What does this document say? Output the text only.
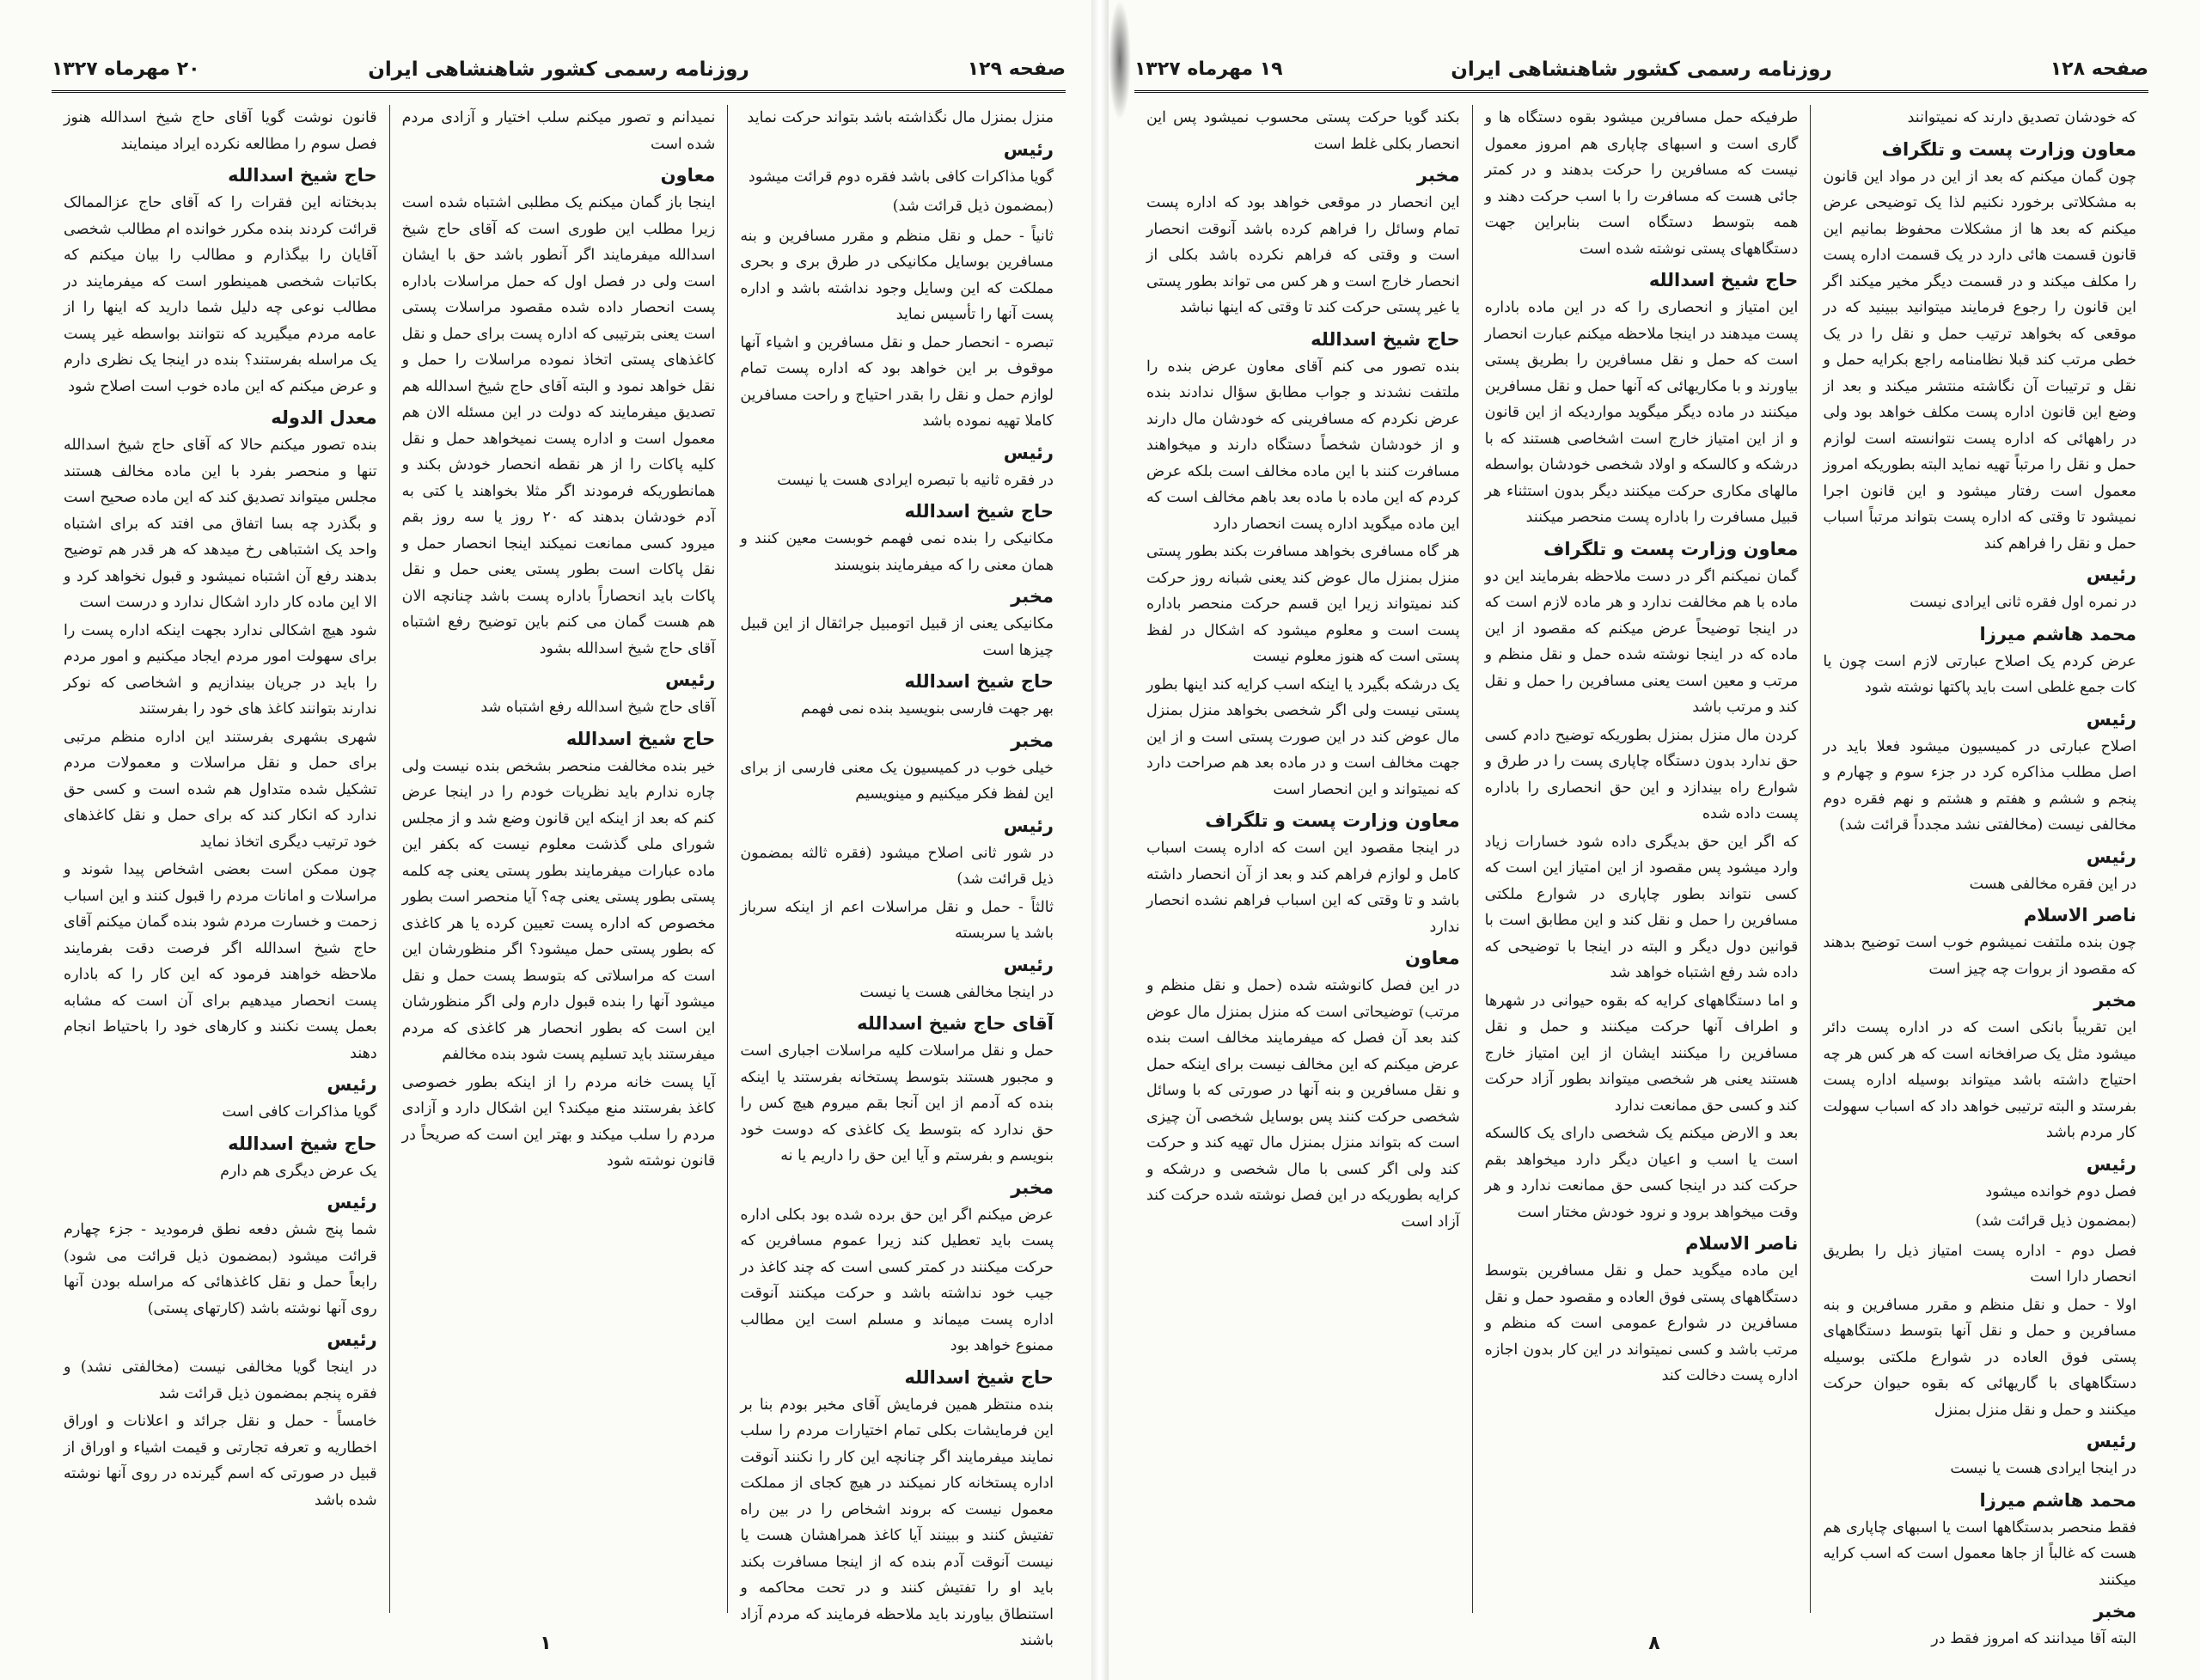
صفحه ۱۲۹
روزنامه رسمی کشور شاهنشاهی ایران
۲۰ مهرماه ۱۳۲۷

منزل بمنزل مال نگذاشته باشد بتواند حرکت نماید

رئیس

گویا مذاکرات کافی باشد فقره دوم قرائت میشود

(بمضمون ذیل قرائت شد)

ثانیاً - حمل و نقل منظم و مقرر مسافرین و بنه مسافرین بوسایل مکانیکی در طرق بری و بحری مملکت که این وسایل وجود نداشته باشد و اداره پست آنها را تأسیس نماید

تبصره - انحصار حمل و نقل مسافرین و اشیاء آنها موقوف بر این خواهد بود که اداره پست تمام لوازم حمل و نقل را بقدر احتیاج و راحت مسافرین کاملا تهیه نموده باشد

رئیس

در فقره ثانیه با تبصره ایرادی هست یا نیست

حاج شیخ اسدالله

مکانیکی را بنده نمی فهمم خوبست معین کنند و همان معنی را که میفرمایند بنویسند

مخبر

مکانیکی یعنی از قبیل اتومبیل جراثقال از این قبیل چیزها است

حاج شیخ اسدالله

بهر جهت فارسی بنویسید بنده نمی فهمم

مخبر

خیلی خوب در کمیسیون یک معنی فارسی از برای این لفظ فکر میکنیم و مینویسیم

رئیس

در شور ثانی اصلاح میشود (فقره ثالثه بمضمون ذیل قرائت شد)

ثالثاً - حمل و نقل مراسلات اعم از اینکه سرباز باشد یا سربسته

رئیس

در اینجا مخالفی هست یا نیست

آقای حاج شیخ اسدالله

حمل و نقل مراسلات کلیه مراسلات اجباری است و مجبور هستند بتوسط پستخانه بفرستند یا اینکه بنده که آدمم از این آنجا بقم میروم هیچ کس را حق ندارد که بتوسط یک کاغذی که دوست خود بنویسم و بفرستم و آیا این حق را داریم یا نه

مخبر

عرض میکنم اگر این حق برده شده بود بکلی اداره پست باید تعطیل کند زیرا عموم مسافرین که حرکت میکنند در کمتر کسی است که چند کاغذ در جیب خود نداشته باشد و حرکت میکنند آنوقت اداره پست میماند و مسلم است این مطالب ممنوع خواهد بود

حاج شیخ اسدالله

بنده منتظر همین فرمایش آقای مخبر بودم بنا بر این فرمایشات بکلی تمام اختیارات مردم را سلب نمایند میفرمایند اگر چنانچه این کار را نکنند آنوقت اداره پستخانه کار نمیکند در هیچ کجای از مملکت معمول نیست که بروند اشخاص را در بین راه تفتیش کنند و ببینند آیا کاغذ همراهشان هست یا نیست آنوقت آدم بنده که از اینجا مسافرت بکند باید او را تفتیش کنند و در تحت محاکمه و استنطاق بیاورند باید ملاحظه فرمایند که مردم آزاد باشند

نمیدانم و تصور میکنم سلب اختیار و آزادی مردم شده است

معاون

اینجا باز گمان میکنم یک مطلبی اشتباه شده است زیرا مطلب این طوری است که آقای حاج شیخ اسدالله میفرمایند اگر آنطور باشد حق با ایشان است ولی در فصل اول که حمل مراسلات باداره پست انحصار داده شده مقصود مراسلات پستی است یعنی بترتیبی که اداره پست برای حمل و نقل کاغذهای پستی اتخاذ نموده مراسلات را حمل و نقل خواهد نمود و البته آقای حاج شیخ اسدالله هم تصدیق میفرمایند که دولت در این مسئله الان هم معمول است و اداره پست نمیخواهد حمل و نقل کلیه پاکات را از هر نقطه انحصار خودش بکند و همانطوریکه فرمودند اگر مثلا بخواهند یا کتی به آدم خودشان بدهند که ۲۰ روز یا سه روز بقم میرود کسی ممانعت نمیکند اینجا انحصار حمل و نقل پاکات است بطور پستی یعنی حمل و نقل پاکات باید انحصاراً باداره پست باشد چنانچه الان هم هست گمان می کنم باین توضیح رفع اشتباه آقای حاج شیخ اسدالله بشود

رئیس

آقای حاج شیخ اسدالله رفع اشتباه شد

حاج شیخ اسدالله

خیر بنده مخالفت منحصر بشخص بنده نیست ولی چاره ندارم باید نظریات خودم را در اینجا عرض کنم که بعد از اینکه این قانون وضع شد و از مجلس شورای ملی گذشت معلوم نیست که بکفر این ماده عبارات میفرمایند بطور پستی یعنی چه کلمه پستی بطور پستی یعنی چه؟ آیا منحصر است بطور مخصوص که اداره پست تعیین کرده یا هر کاغذی که بطور پستی حمل میشود؟ اگر منظورشان این است که مراسلاتی که بتوسط پست حمل و نقل میشود آنها را بنده قبول دارم ولی اگر منظورشان این است که بطور انحصار هر کاغذی که مردم میفرستند باید تسلیم پست شود بنده مخالفم

آیا پست خانه مردم را از اینکه بطور خصوصی کاغذ بفرستند منع میکند؟ این اشکال دارد و آزادی مردم را سلب میکند و بهتر این است که صریحاً در قانون نوشته شود

قانون نوشت گویا آقای حاج شیخ اسدالله هنوز فصل سوم را مطالعه نکرده ایراد مینمایند

حاج شیخ اسدالله

بدبختانه این فقرات را که آقای حاج عزالممالک قرائت کردند بنده مکرر خوانده ام مطالب شخصی آقایان را بیگذارم و مطالب را بیان میکنم که بکاتبات شخصی همینطور است که میفرمایند در مطالب نوعی چه دلیل شما دارید که اینها را از عامه مردم میگیرید که نتوانند بواسطه غیر پست یک مراسله بفرستند؟ بنده در اینجا یک نظری دارم و عرض میکنم که این ماده خوب است اصلاح شود

معدل الدوله

بنده تصور میکنم حالا که آقای حاج شیخ اسدالله تنها و منحصر بفرد با این ماده مخالف هستند مجلس میتواند تصدیق کند که این ماده صحیح است و بگذرد چه بسا اتفاق می افتد که برای اشتباه واحد یک اشتباهی رخ میدهد که هر قدر هم توضیح بدهند رفع آن اشتباه نمیشود و قبول نخواهد کرد و الا این ماده کار دارد اشکال ندارد و درست است

شود هیچ اشکالی ندارد بجهت اینکه اداره پست را برای سهولت امور مردم ایجاد میکنیم و امور مردم را باید در جریان بیندازیم و اشخاصی که نوکر ندارند بتوانند کاغذ های خود را بفرستند

شهری بشهری بفرستند این اداره منظم مرتبی برای حمل و نقل مراسلات و معمولات مردم تشکیل شده متداول هم شده است و کسی حق ندارد که انکار کند که برای حمل و نقل کاغذهای خود ترتیب دیگری اتخاذ نماید

چون ممکن است بعضی اشخاص پیدا شوند و مراسلات و امانات مردم را قبول کنند و این اسباب زحمت و خسارت مردم شود بنده گمان میکنم آقای حاج شیخ اسدالله اگر فرصت دقت بفرمایند ملاحظه خواهند فرمود که این کار را که باداره پست انحصار میدهیم برای آن است که مشابه بعمل پست نکنند و کارهای خود را باحتیاط انجام دهند

رئیس

گویا مذاکرات کافی است

حاج شیخ اسدالله

یک عرض دیگری هم دارم

رئیس

شما پنج شش دفعه نطق فرمودید - جزء چهارم قرائت میشود (بمضمون ذیل قرائت می شود) رابعاً حمل و نقل کاغذهائی که مراسله بودن آنها روی آنها نوشته باشد (کارتهای پستی)

رئیس

در اینجا گویا مخالفی نیست (مخالفتی نشد) و فقره پنجم بمضمون ذیل قرائت شد

خامساً - حمل و نقل جرائد و اعلانات و اوراق اخطاریه و تعرفه تجارتی و قیمت اشیاء و اوراق از قبیل در صورتی که اسم گیرنده در روی آنها نوشته شده باشد

۱
صفحه ۱۲۸
روزنامه رسمی کشور شاهنشاهی ایران
۱۹ مهرماه ۱۳۲۷

که خودشان تصدیق دارند که نمیتوانند

معاون وزارت پست و تلگراف

چون گمان میکنم که بعد از این در مواد این قانون به مشکلاتی برخورد نکنیم لذا یک توضیحی عرض میکنم که بعد ها از مشکلات محفوظ بمانیم این قانون قسمت هائی دارد در یک قسمت اداره پست را مکلف میکند و در قسمت دیگر مخیر میکند اگر این قانون را رجوع فرمایند میتوانید ببینید که در موقعی که بخواهد ترتیب حمل و نقل را در یک خطی مرتب کند قبلا نظامنامه راجع بکرایه حمل و نقل و ترتیبات آن نگاشته منتشر میکند و بعد از وضع این قانون اداره پست مکلف خواهد بود ولی در راههائی که اداره پست نتوانسته است لوازم حمل و نقل را مرتباً تهیه نماید البته بطوریکه امروز معمول است رفتار میشود و این قانون اجرا نمیشود تا وقتی که اداره پست بتواند مرتباً اسباب حمل و نقل را فراهم کند

رئیس

در نمره اول فقره ثانی ایرادی نیست

محمد هاشم میرزا

عرض کردم یک اصلاح عبارتی لازم است چون یا کات جمع غلطی است باید پاکتها نوشته شود

رئیس

اصلاح عبارتی در کمیسیون میشود فعلا باید در اصل مطلب مذاکره کرد در جزء سوم و چهارم و پنجم و ششم و هفتم و هشتم و نهم فقره دوم مخالفی نیست (مخالفتی نشد مجدداً قرائت شد)

رئیس

در این فقره مخالفی هست

ناصر الاسلام

چون بنده ملتفت نمیشوم خوب است توضیح بدهند که مقصود از بروات چه چیز است

مخبر

این تقریباً بانکی است که در اداره پست دائر میشود مثل یک صرافخانه است که هر کس هر چه احتیاج داشته باشد میتواند بوسیله اداره پست بفرستد و البته ترتیبی خواهد داد که اسباب سهولت کار مردم باشد

رئیس

فصل دوم خوانده میشود

(بمضمون ذیل قرائت شد)

فصل دوم - اداره پست امتیاز ذیل را بطریق انحصار دارا است

اولا - حمل و نقل منظم و مقرر مسافرین و بنه مسافرین و حمل و نقل آنها بتوسط دستگاههای پستی فوق العاده در شوارع ملکتی بوسیله دستگاههای با گاریهائی که بقوه حیوان حرکت میکنند و حمل و نقل منزل بمنزل

رئیس

در اینجا ایرادی هست یا نیست

محمد هاشم میرزا

فقط منحصر بدستگاهها است یا اسبهای چاپاری هم هست که غالباً از جاها معمول است که اسب کرایه میکنند

مخبر

البته آقا میدانند که امروز فقط در

طرفیکه حمل مسافرین میشود بقوه دستگاه ها و گاری است و اسبهای چاپاری هم امروز معمول نیست که مسافرین را حرکت بدهند و در کمتر جائی هست که مسافرت را با اسب حرکت دهند و همه بتوسط دستگاه است بنابراین جهت دستگاههای پستی نوشته شده است

حاج شیخ اسدالله

این امتیاز و انحصاری را که در این ماده باداره پست میدهند در اینجا ملاحظه میکنم عبارت انحصار است که حمل و نقل مسافرین را بطریق پستی بیاورند و با مکاریهائی که آنها حمل و نقل مسافرین میکنند در ماده دیگر میگوید مواردیکه از این قانون و از این امتیاز خارج است اشخاصی هستند که با درشکه و کالسکه و اولاد شخصی خودشان بواسطه مالهای مکاری حرکت میکنند دیگر بدون استثناء هر قبیل مسافرت را باداره پست منحصر میکنند

معاون وزارت پست و تلگراف

گمان نمیکنم اگر در دست ملاحظه بفرمایند این دو ماده با هم مخالفت ندارد و هر ماده لازم است که در اینجا توضیحاً عرض میکنم که مقصود از این ماده که در اینجا نوشته شده حمل و نقل منظم و مرتب و معین است یعنی مسافرین را حمل و نقل کند و مرتب باشد

کردن مال منزل بمنزل بطوریکه توضیح دادم کسی حق ندارد بدون دستگاه چاپاری پست را در طرق و شوارع راه بیندازد و این حق انحصاری را باداره پست داده شده

که اگر این حق بدیگری داده شود خسارات زیاد وارد میشود پس مقصود از این امتیاز این است که کسی نتواند بطور چاپاری در شوارع ملکتی مسافرین را حمل و نقل کند و این مطابق است با قوانین دول دیگر و البته در اینجا با توضیحی که داده شد رفع اشتباه خواهد شد

و اما دستگاههای کرایه که بقوه حیوانی در شهرها و اطراف آنها حرکت میکنند و حمل و نقل مسافرین را میکنند ایشان از این امتیاز خارج هستند یعنی هر شخصی میتواند بطور آزاد حرکت کند و کسی حق ممانعت ندارد

بعد و الارض میکنم یک شخصی دارای یک کالسکه است یا اسب و اعیان دیگر دارد میخواهد بقم حرکت کند در اینجا کسی حق ممانعت ندارد و هر وقت میخواهد برود و نرود خودش مختار است

ناصر الاسلام

این ماده میگوید حمل و نقل مسافرین بتوسط دستگاههای پستی فوق العاده و مقصود حمل و نقل مسافرین در شوارع عمومی است که منظم و مرتب باشد و کسی نمیتواند در این کار بدون اجازه اداره پست دخالت کند

بکند گویا حرکت پستی محسوب نمیشود پس این انحصار بکلی غلط است

مخبر

این انحصار در موقعی خواهد بود که اداره پست تمام وسائل را فراهم کرده باشد آنوقت انحصار است و وقتی که فراهم نکرده باشد بکلی از انحصار خارج است و هر کس می تواند بطور پستی یا غیر پستی حرکت کند تا وقتی که اینها نباشد

حاج شیخ اسدالله

بنده تصور می کنم آقای معاون عرض بنده را ملتفت نشدند و جواب مطابق سؤال ندادند بنده عرض نکردم که مسافرینی که خودشان مال دارند و از خودشان شخصاً دستگاه دارند و میخواهند مسافرت کنند با این ماده مخالف است بلکه عرض کردم که این ماده با ماده بعد باهم مخالف است که این ماده میگوید اداره پست انحصار دارد

هر گاه مسافری بخواهد مسافرت بکند بطور پستی منزل بمنزل مال عوض کند یعنی شبانه روز حرکت کند نمیتواند زیرا این قسم حرکت منحصر باداره پست است و معلوم میشود که اشکال در لفظ پستی است که هنوز معلوم نیست

یک درشکه بگیرد یا اینکه اسب کرایه کند اینها بطور پستی نیست ولی اگر شخصی بخواهد منزل بمنزل مال عوض کند در این صورت پستی است و از این جهت مخالف است و در ماده بعد هم صراحت دارد که نمیتواند و این انحصار است

معاون وزارت پست و تلگراف

در اینجا مقصود این است که اداره پست اسباب کامل و لوازم فراهم کند و بعد از آن انحصار داشته باشد و تا وقتی که این اسباب فراهم نشده انحصار ندارد

معاون

در این فصل کانوشته شده (حمل و نقل منظم و مرتب) توضیحاتی است که منزل بمنزل مال عوض کند بعد آن فصل که میفرمایند مخالف است بنده عرض میکنم که این مخالف نیست برای اینکه حمل و نقل مسافرین و بنه آنها در صورتی که با وسائل شخصی حرکت کنند پس بوسایل شخصی آن چیزی است که بتواند منزل بمنزل مال تهیه کند و حرکت کند ولی اگر کسی با مال شخصی و درشکه و کرایه بطوریکه در این فصل نوشته شده حرکت کند آزاد است

۸
